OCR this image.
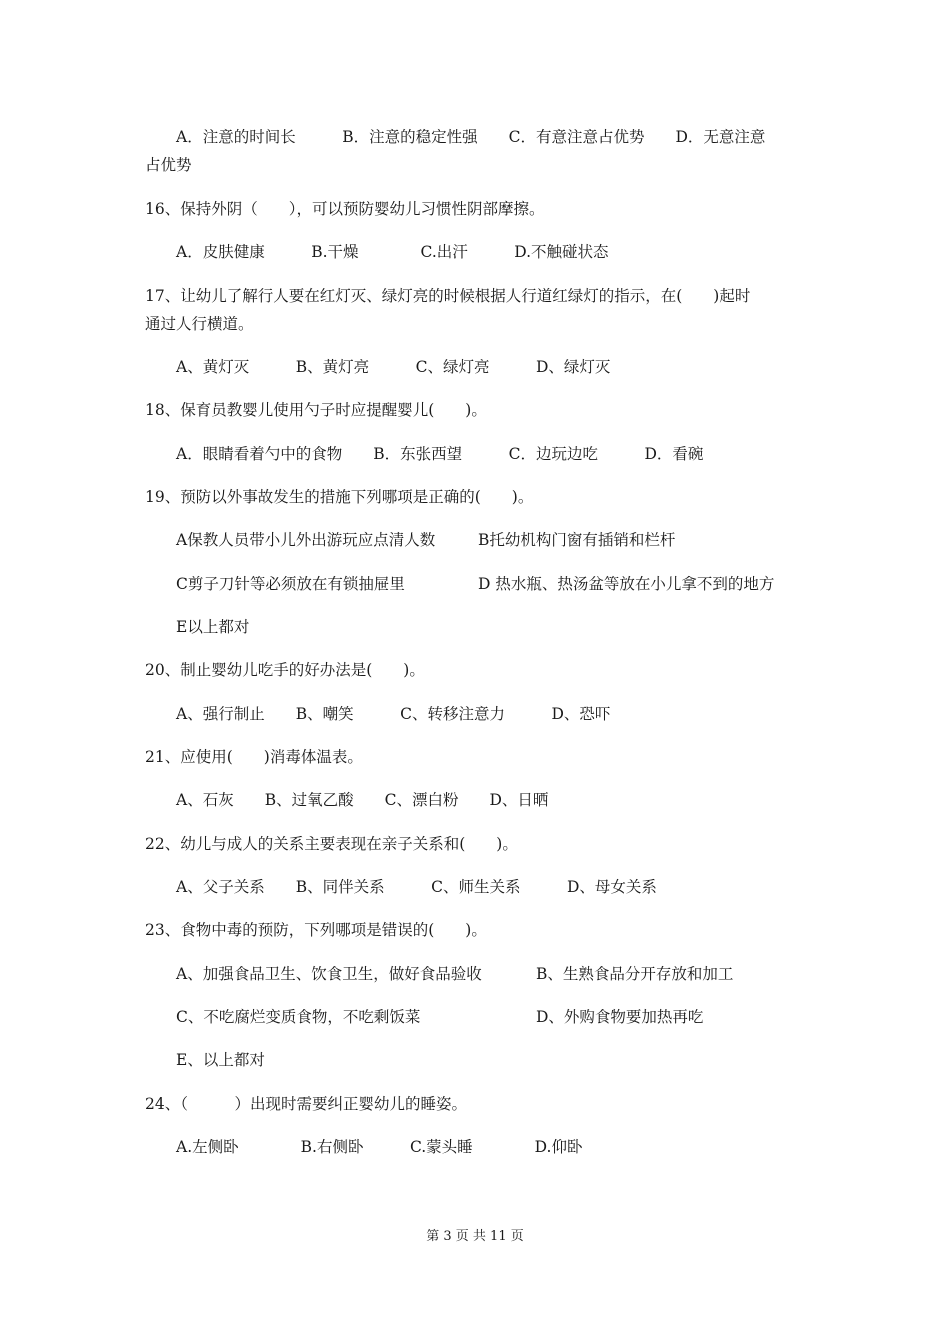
A．注意的时间长　　　B．注意的稳定性强　　C．有意注意占优势　　D．无意注意
占优势
16、保持外阴（　　），可以预防婴幼儿习惯性阴部摩擦。
A．皮肤健康　　　B.干燥　　　　C.出汗　　　D.不触碰状态
17、让幼儿了解行人要在红灯灭、绿灯亮的时候根据人行道红绿灯的指示，在(　　)起时
通过人行横道。
A、黄灯灭　　　B、黄灯亮　　　C、绿灯亮　　　D、绿灯灭
18、保育员教婴儿使用勺子时应提醒婴儿(　　)。
A．眼睛看着勺中的食物　　B．东张西望　　　C．边玩边吃　　　D．看碗
19、预防以外事故发生的措施下列哪项是正确的(　　)。
A保教人员带小儿外出游玩应点清人数	B托幼机构门窗有插销和栏杆
C剪子刀针等必须放在有锁抽屉里	D 热水瓶、热汤盆等放在小儿拿不到的地方
E以上都对
20、制止婴幼儿吃手的好办法是(　　)。
A、强行制止　　B、嘲笑　　　C、转移注意力　　　D、恐吓
21、应使用(　　)消毒体温表。
A、石灰　　B、过氧乙酸　　C、漂白粉　　D、日晒
22、幼儿与成人的关系主要表现在亲子关系和(　　)。
A、父子关系　　B、同伴关系　　　C、师生关系　　　D、母女关系
23、食物中毒的预防，下列哪项是错误的(　　)。
A、加强食品卫生、饮食卫生，做好食品验收	B、生熟食品分开存放和加工
C、不吃腐烂变质食物，不吃剩饭菜	D、外购食物要加热再吃
E、以上都对
24、（　　　）出现时需要纠正婴幼儿的睡姿。
A.左侧卧　　　　B.右侧卧　　　C.蒙头睡　　　　D.仰卧
第 3 页 共 11 页
